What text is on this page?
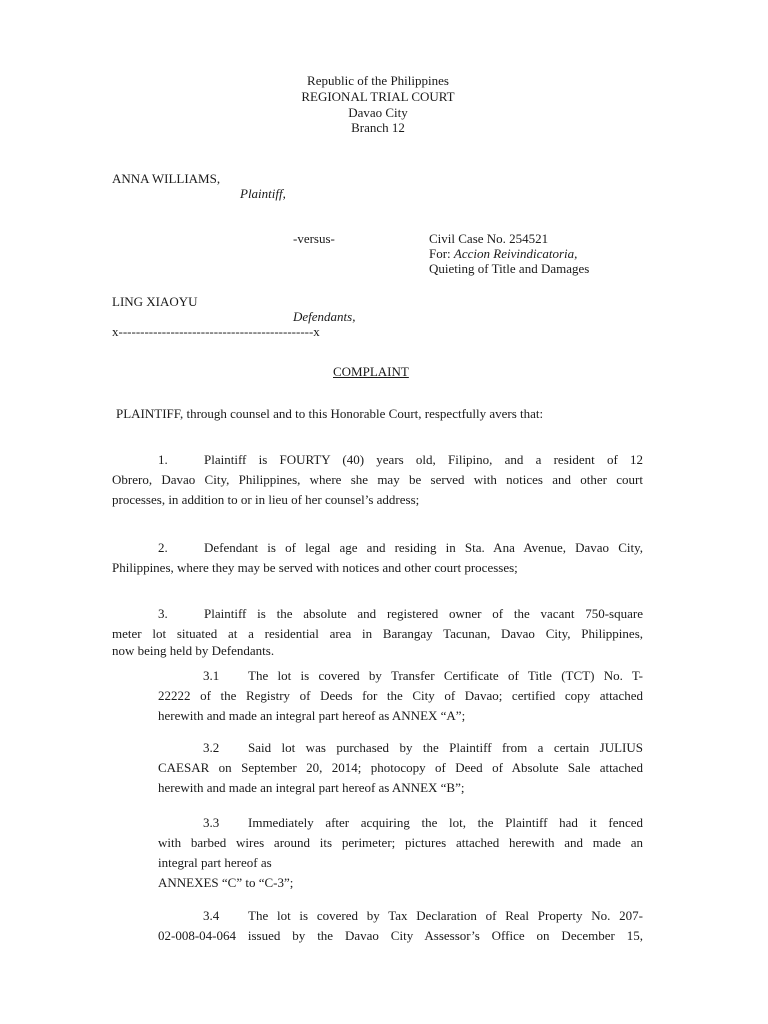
Republic of the Philippines
REGIONAL TRIAL COURT
Davao City
Branch 12
ANNA WILLIAMS,
Plaintiff,
-versus-	Civil Case No. 254521
For: Accion Reivindicatoria,
Quieting of Title and Damages
LING XIAOYU
Defendants,
x---------------------------------------------x
COMPLAINT
PLAINTIFF, through counsel and to this Honorable Court, respectfully avers that:
1.	Plaintiff is FOURTY (40) years old, Filipino, and a resident of 12
Obrero, Davao City, Philippines, where she may be served with notices and other court
processes, in addition to or in lieu of her counsel’s address;
2.	Defendant is of legal age and residing in Sta. Ana Avenue, Davao City,
Philippines, where they may be served with notices and other court processes;
3.	Plaintiff is the absolute and registered owner of the vacant 750-square
meter lot situated at a residential area in Barangay Tacunan, Davao City, Philippines,
now being held by Defendants.
3.1 The lot is covered by Transfer Certificate of Title (TCT) No. T-
22222 of the Registry of Deeds for the City of Davao; certified copy attached
herewith and made an integral part hereof as ANNEX “A”;
3.2 Said lot was purchased by the Plaintiff from a certain JULIUS
CAESAR on September 20, 2014; photocopy of Deed of Absolute Sale attached
herewith and made an integral part hereof as ANNEX “B”;
3.3 Immediately after acquiring the lot, the Plaintiff had it fenced
with barbed wires around its perimeter; pictures attached herewith and made an
integral part hereof as
ANNEXES “C” to “C-3”;
3.4 The lot is covered by Tax Declaration of Real Property No. 207-
02-008-04-064 issued by the Davao City Assessor’s Office on December 15,
